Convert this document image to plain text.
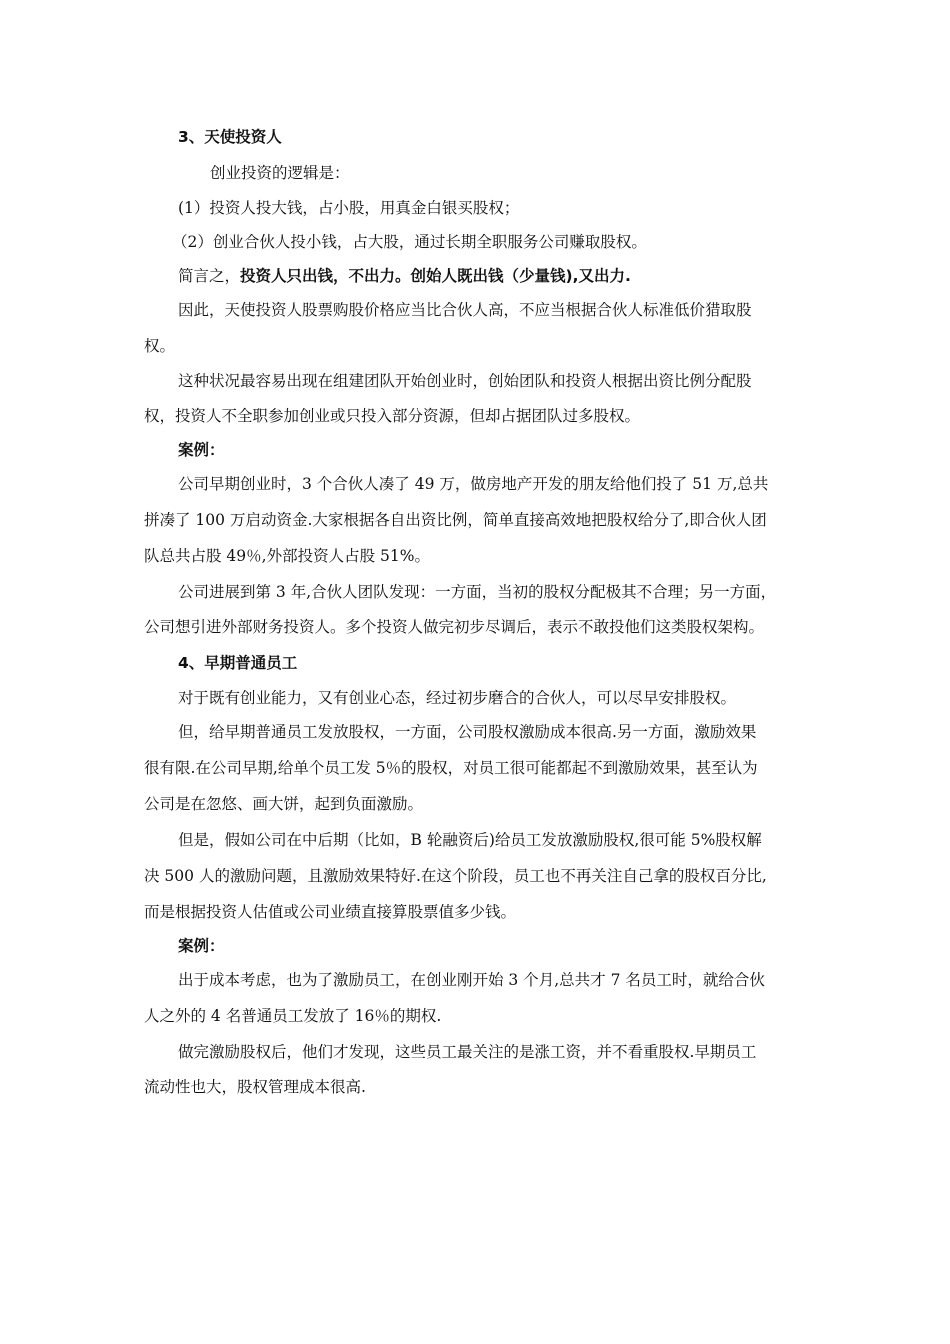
3、天使投资人
创业投资的逻辑是：
(1）投资人投大钱，占小股，用真金白银买股权；
（2）创业合伙人投小钱，占大股，通过长期全职服务公司赚取股权。
简言之，投资人只出钱，不出力。创始人既出钱（少量钱),又出力.
因此，天使投资人股票购股价格应当比合伙人高，不应当根据合伙人标准低价猎取股
权。
这种状况最容易出现在组建团队开始创业时，创始团队和投资人根据出资比例分配股
权，投资人不全职参加创业或只投入部分资源，但却占据团队过多股权。
案例：
公司早期创业时，3 个合伙人凑了 49 万，做房地产开发的朋友给他们投了 51 万,总共
拼凑了 100 万启动资金.大家根据各自出资比例，简单直接高效地把股权给分了,即合伙人团
队总共占股 49％,外部投资人占股 51%。
公司进展到第 3 年,合伙人团队发现：一方面，当初的股权分配极其不合理；另一方面，
公司想引进外部财务投资人。多个投资人做完初步尽调后，表示不敢投他们这类股权架构。
4、早期普通员工
对于既有创业能力，又有创业心态，经过初步磨合的合伙人，可以尽早安排股权。
但，给早期普通员工发放股权，一方面，公司股权激励成本很高.另一方面，激励效果
很有限.在公司早期,给单个员工发 5％的股权，对员工很可能都起不到激励效果，甚至认为
公司是在忽悠、画大饼，起到负面激励。
但是，假如公司在中后期（比如，B 轮融资后)给员工发放激励股权,很可能 5%股权解
决 500 人的激励问题，且激励效果特好.在这个阶段，员工也不再关注自己拿的股权百分比,
而是根据投资人估值或公司业绩直接算股票值多少钱。
案例：
出于成本考虑，也为了激励员工，在创业刚开始 3 个月,总共才 7 名员工时，就给合伙
人之外的 4 名普通员工发放了 16％的期权.
做完激励股权后，他们才发现，这些员工最关注的是涨工资，并不看重股权.早期员工
流动性也大，股权管理成本很高.
